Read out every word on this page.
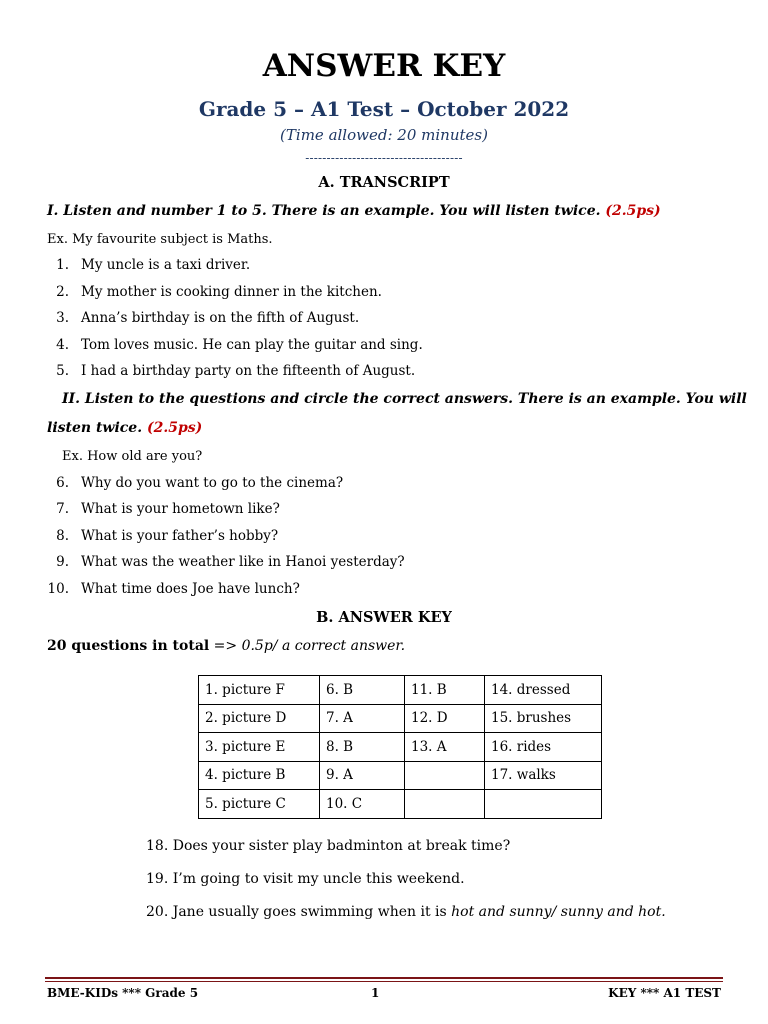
ANSWER KEY
Grade 5 – A1 Test – October 2022
(Time allowed: 20 minutes)
-------------------------------------
A. TRANSCRIPT
I. Listen and number 1 to 5. There is an example. You will listen twice. (2.5ps)
Ex. My favourite subject is Maths.
1. My uncle is a taxi driver.
2. My mother is cooking dinner in the kitchen.
3. Anna’s birthday is on the fifth of August.
4. Tom loves music. He can play the guitar and sing.
5. I had a birthday party on the fifteenth of August.
II. Listen to the questions and circle the correct answers. There is an example. You will
listen twice. (2.5ps)
Ex. How old are you?
6. Why do you want to go to the cinema?
7. What is your hometown like?
8. What is your father’s hobby?
9. What was the weather like in Hanoi yesterday?
10. What time does Joe have lunch?
B. ANSWER KEY
20 questions in total => 0.5p/ a correct answer.
1. picture F	6. B	11. B	14. dressed
2. picture D	7. A	12. D	15. brushes
3. picture E	8. B	13. A	16. rides
4. picture B	9. A		17. walks
5. picture C	10. C		
18. Does your sister play badminton at break time?
19. I’m going to visit my uncle this weekend.
20. Jane usually goes swimming when it is hot and sunny/ sunny and hot.
BME-KIDs *** Grade 5	1	KEY *** A1 TEST
